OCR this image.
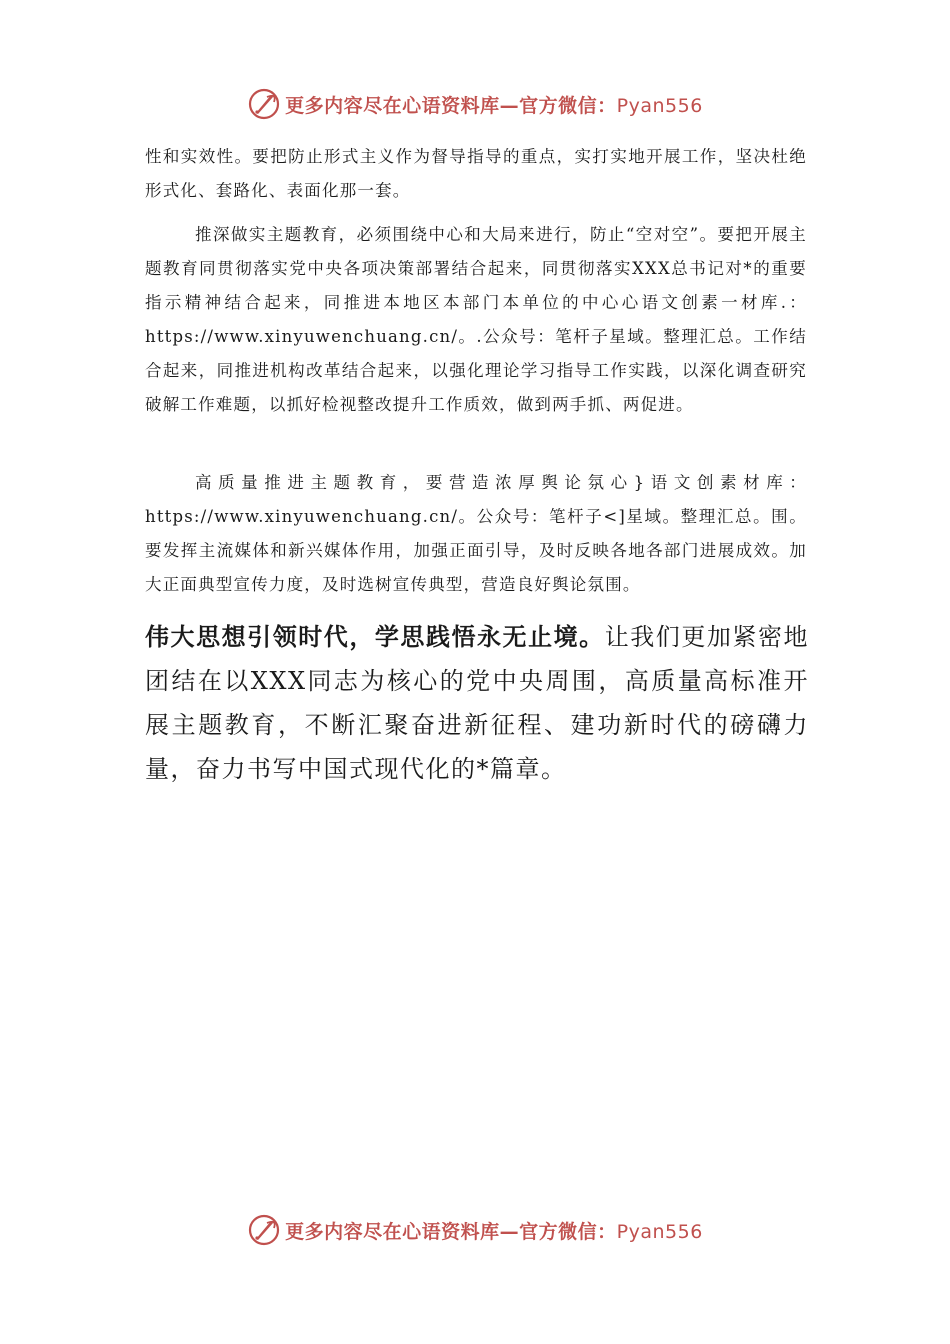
更多内容尽在心语资料库—官方微信：Pyan556

性和实效性。要把防止形式主义作为督导指导的重点，实打实地开展工作，坚决杜绝形式化、套路化、表面化那一套。

推深做实主题教育，必须围绕中心和大局来进行，防止“空对空”。要把开展主题教育同贯彻落实党中央各项决策部署结合起来，同贯彻落实XXX总书记对*的重要指示精神结合起来，同推进本地区本部门本单位的中心心语文创素一材库.：https://www.xinyuwenchuang.cn/。.公众号：笔杆子星域。整理汇总。工作结合起来，同推进机构改革结合起来，以强化理论学习指导工作实践，以深化调查研究破解工作难题，以抓好检视整改提升工作质效，做到两手抓、两促进。

高质量推进主题教育，要营造浓厚舆论氛心}语文创素材库：https://www.xinyuwenchuang.cn/。公众号：笔杆子<]星域。整理汇总。围。要发挥主流媒体和新兴媒体作用，加强正面引导，及时反映各地各部门进展成效。加大正面典型宣传力度，及时选树宣传典型，营造良好舆论氛围。

伟大思想引领时代，学思践悟永无止境。让我们更加紧密地团结在以XXX同志为核心的党中央周围，高质量高标准开展主题教育，不断汇聚奋进新征程、建功新时代的磅礴力量，奋力书写中国式现代化的*篇章。
更多内容尽在心语资料库—官方微信：Pyan556
